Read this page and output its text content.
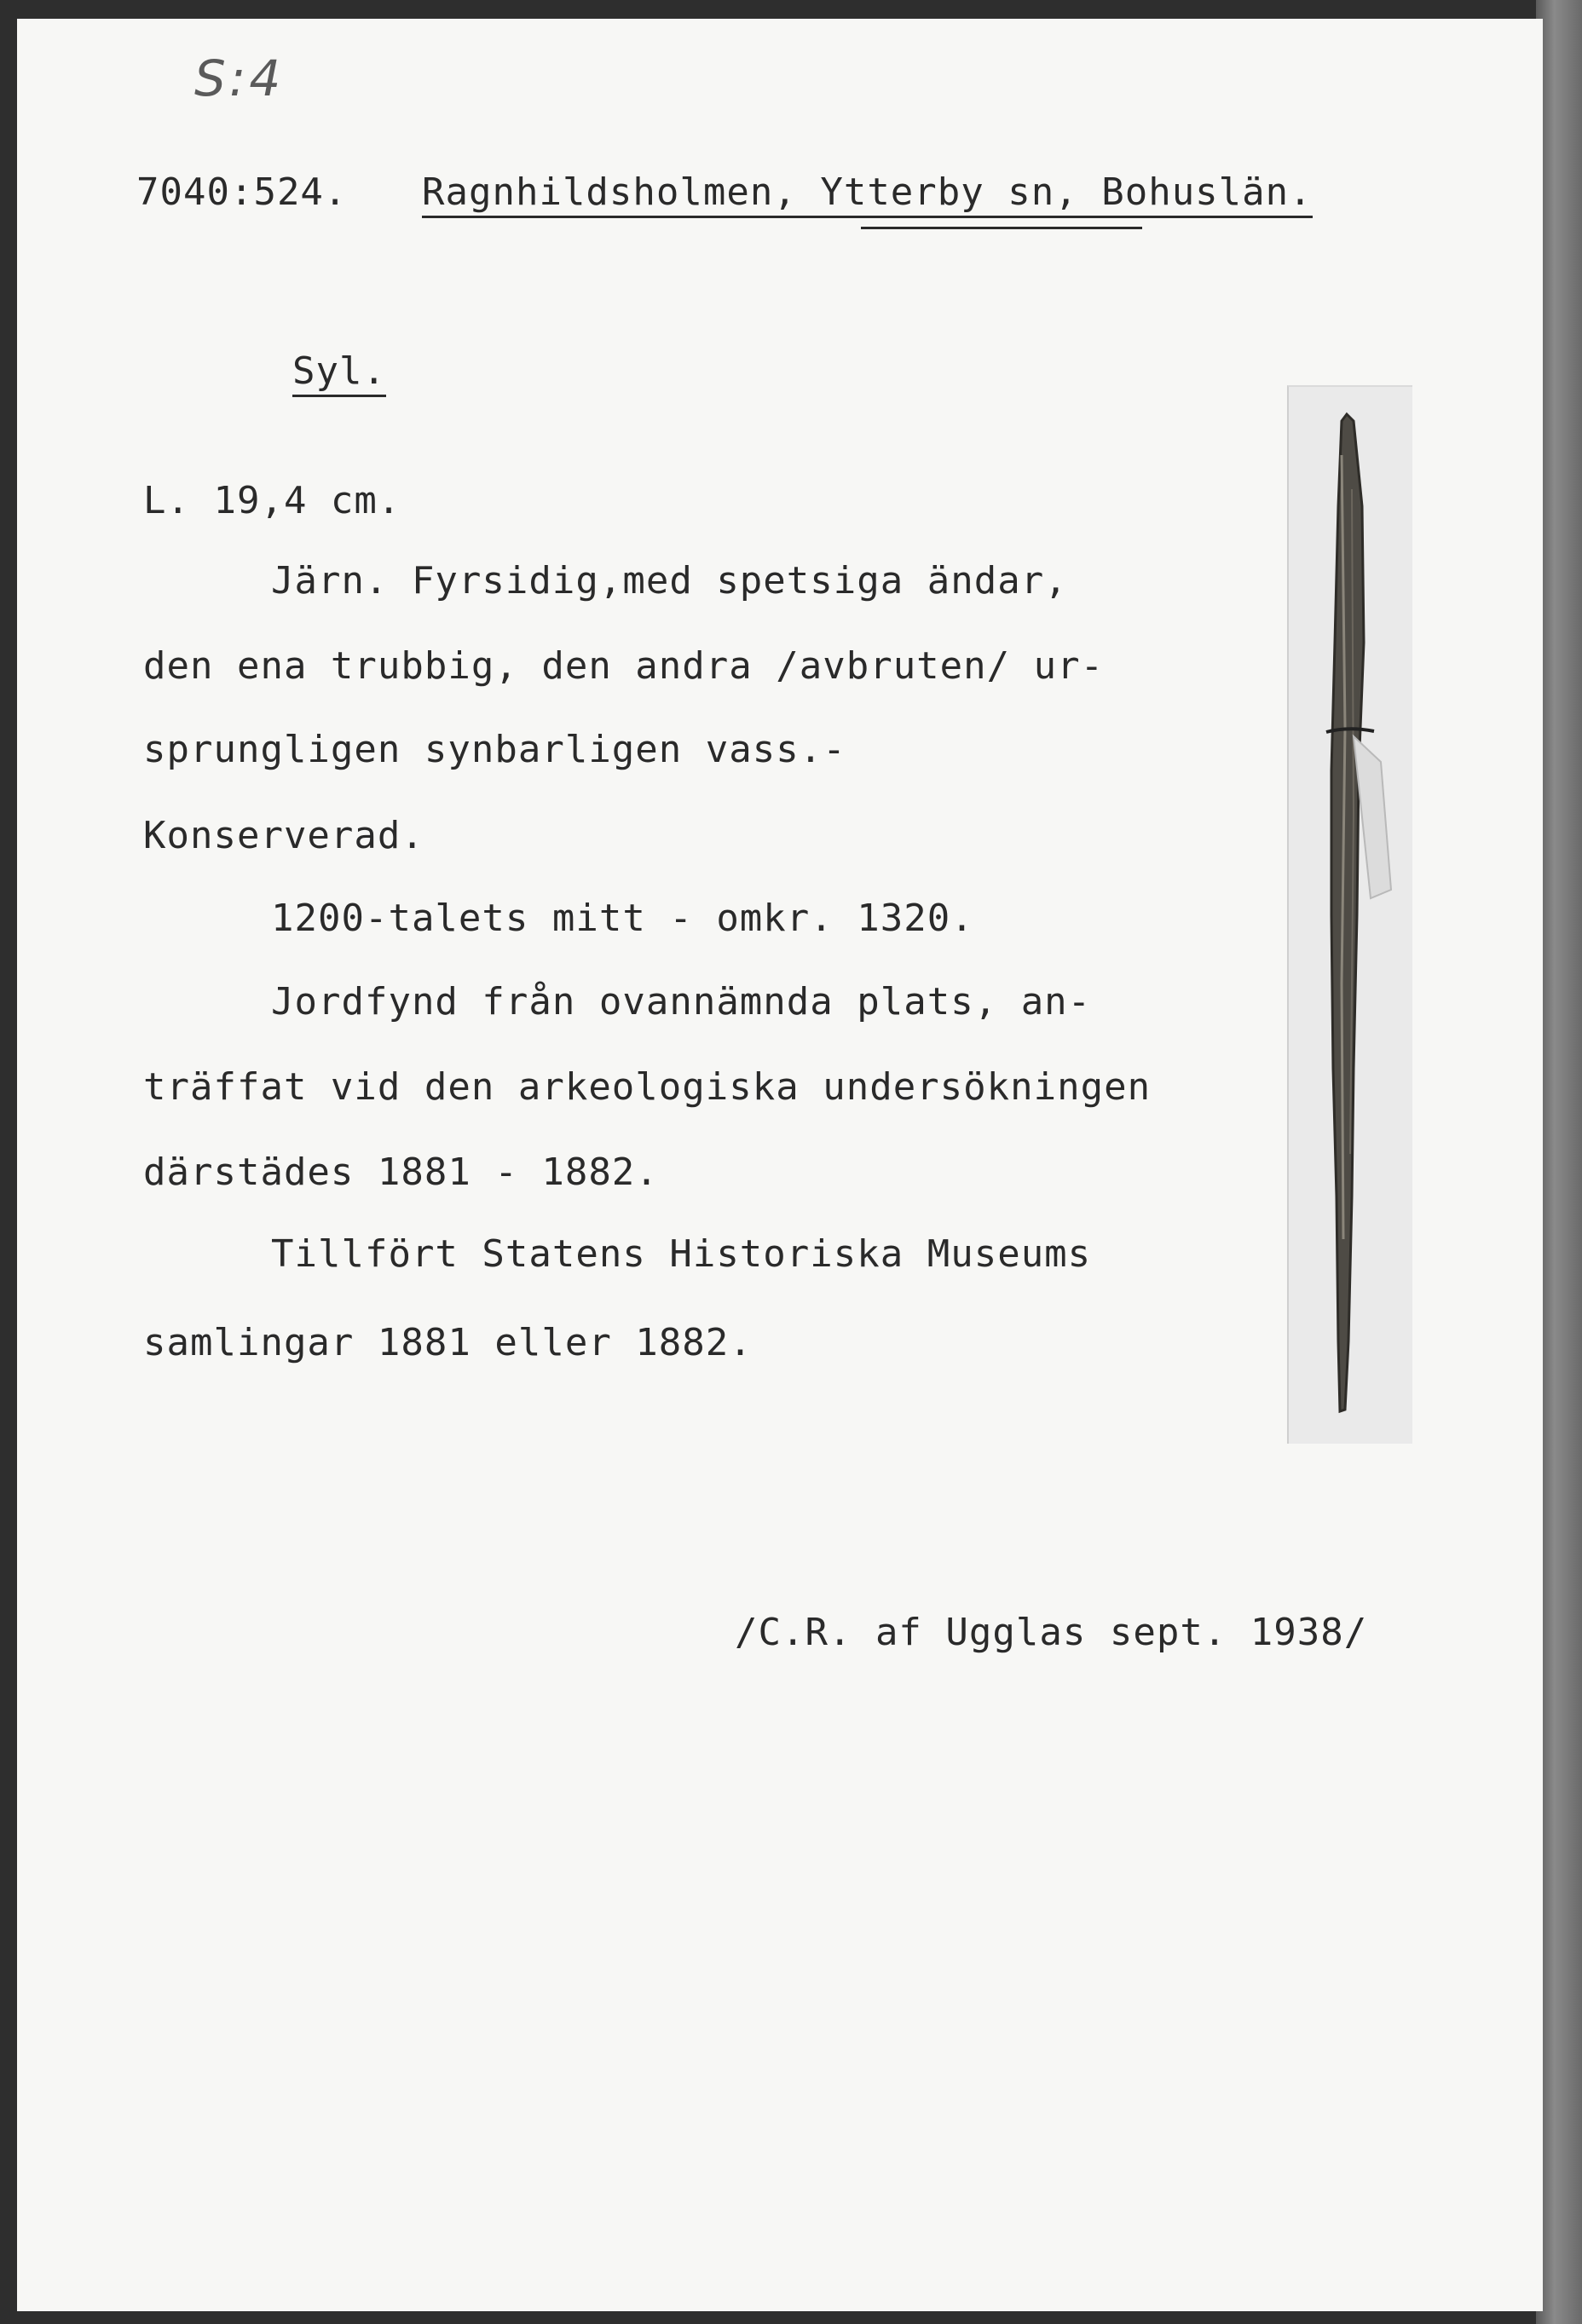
S:4
7040:524. Ragnhildsholmen, Ytterby sn, Bohuslän.
Syl.
L. 19,4 cm.
Järn. Fyrsidig,med spetsiga ändar,
den ena trubbig, den andra /avbruten/ ur-
sprungligen synbarligen vass.-
Konserverad.
1200-talets mitt - omkr. 1320.
Jordfynd från ovannämnda plats, an-
träffat vid den arkeologiska undersökningen
därstädes 1881 - 1882.
Tillfört Statens Historiska Museums
samlingar 1881 eller 1882.
/C.R. af Ugglas sept. 1938/
